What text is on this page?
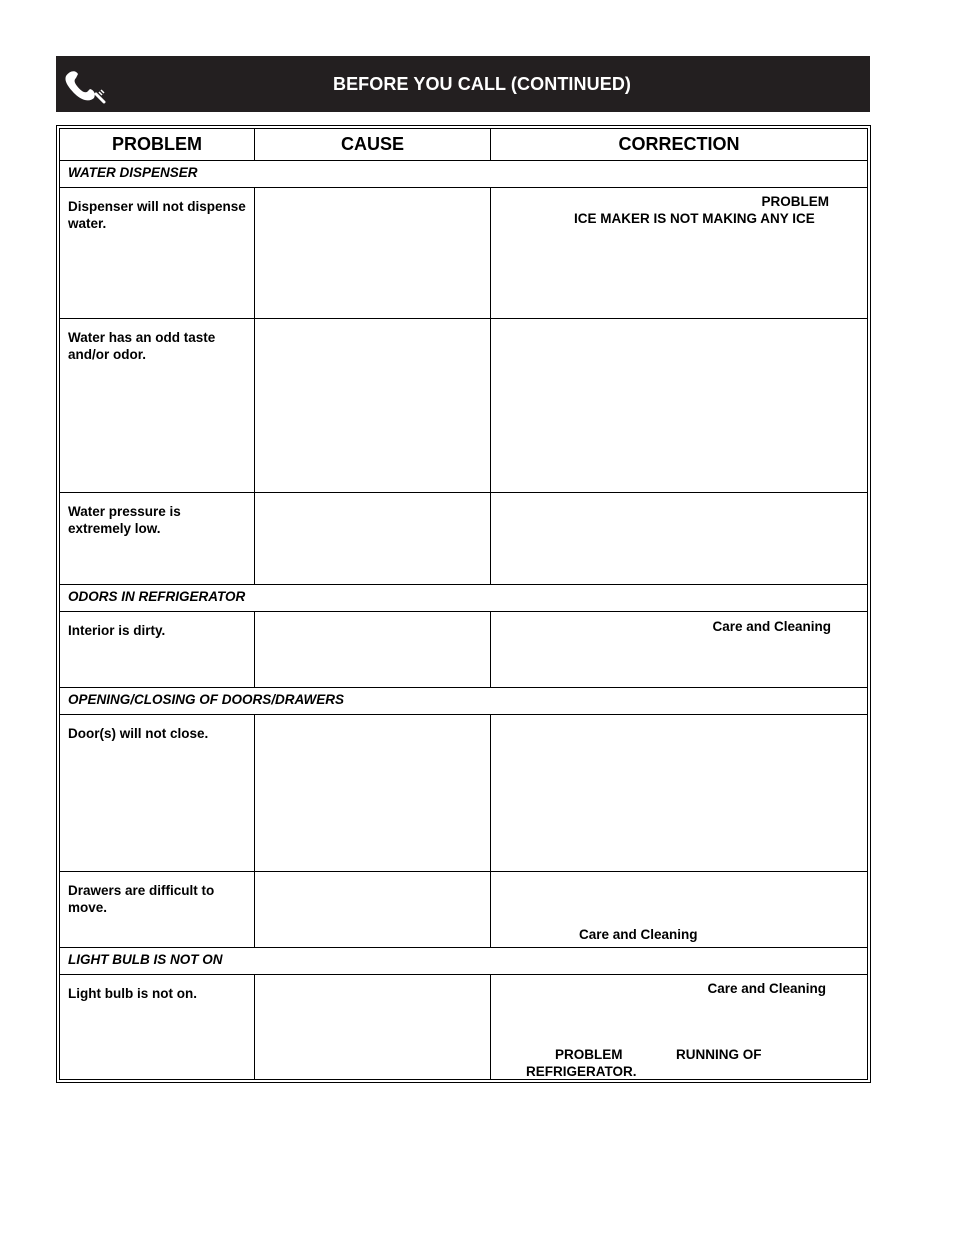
BEFORE YOU CALL (CONTINUED)
PROBLEM	CAUSE	CORRECTION
WATER DISPENSER		
Dispenser will not dispense water.		PROBLEM
ICE MAKER IS NOT MAKING ANY ICE

Water has an odd taste and/or odor.		
Water pressure is extremely low.		
ODORS IN REFRIGERATOR		
Interior is dirty.		Care and Cleaning

OPENING/CLOSING OF DOORS/DRAWERS		
Door(s) will not close.		
Drawers are difficult to move.		Care and Cleaning

LIGHT BULB IS NOT ON		
Light bulb is not on.		Care and Cleaning
PROBLEM RUNNING OF
REFRIGERATOR.
